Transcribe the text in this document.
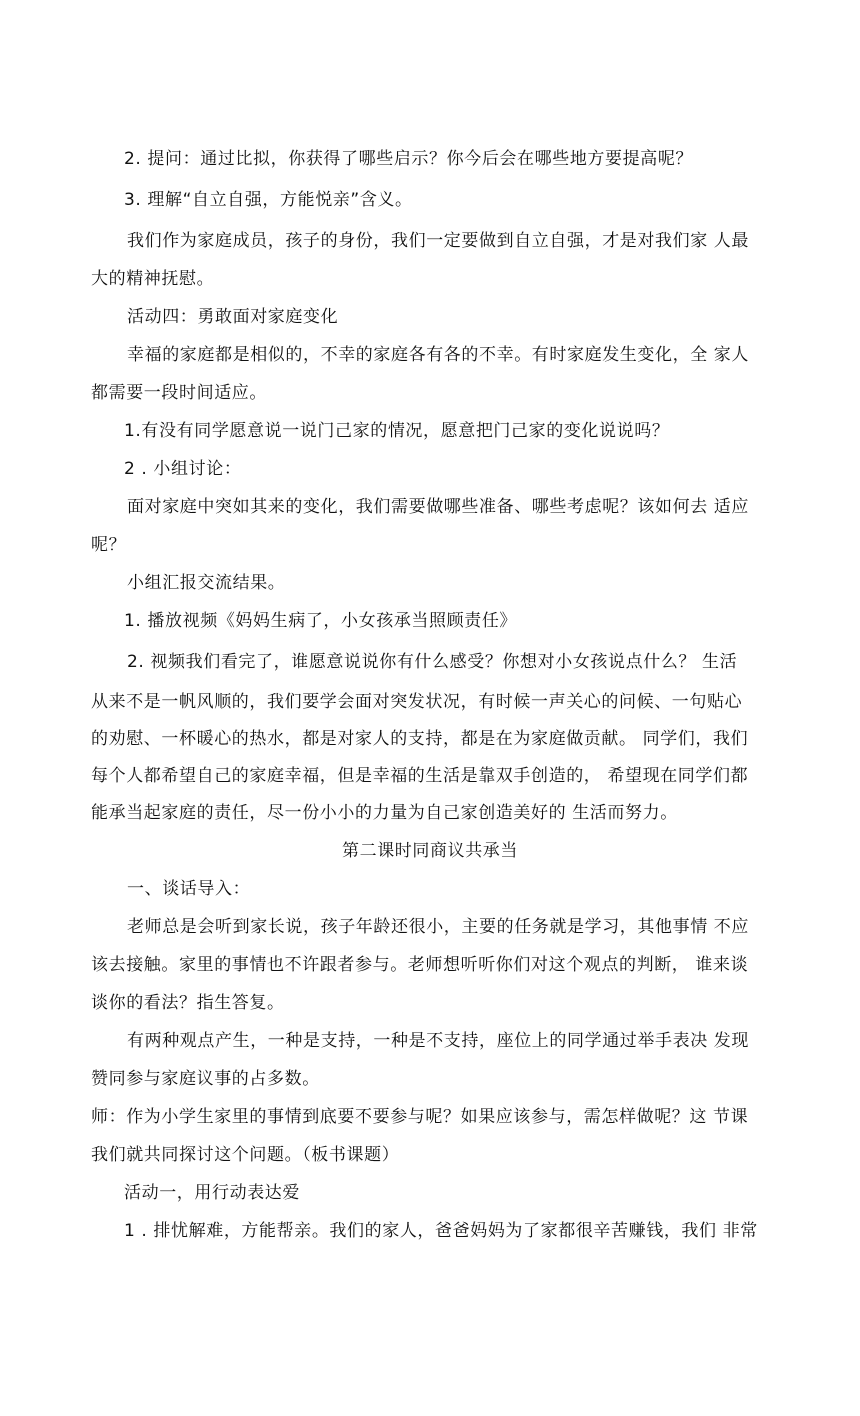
2. 提问：通过比拟，你获得了哪些启示？你今后会在哪些地方要提高呢？
3. 理解“自立自强，方能悦亲”含义。
我们作为家庭成员，孩子的身份，我们一定要做到自立自强，才是对我们家 人最
大的精神抚慰。
活动四：勇敢面对家庭变化
幸福的家庭都是相似的，不幸的家庭各有各的不幸。有时家庭发生变化，全 家人
都需要一段时间适应。
1.有没有同学愿意说一说门己家的情况，愿意把门己家的变化说说吗？
2 . 小组讨论：
面对家庭中突如其来的变化，我们需要做哪些准备、哪些考虑呢？该如何去 适应
呢？
小组汇报交流结果。
1. 播放视频《妈妈生病了，小女孩承当照顾责任》
2. 视频我们看完了，谁愿意说说你有什么感受？你想对小女孩说点什么？ 生活
从来不是一帆风顺的，我们要学会面对突发状况，有时候一声关心的问候、一句贴心
的劝慰、一杯暖心的热水，都是对家人的支持，都是在为家庭做贡献。 同学们，我们
每个人都希望自己的家庭幸福，但是幸福的生活是靠双手创造的， 希望现在同学们都
能承当起家庭的责任，尽一份小小的力量为自己家创造美好的 生活而努力。
第二课时同商议共承当
一、谈话导入：
老师总是会听到家长说，孩子年龄还很小，主要的任务就是学习，其他事情 不应
该去接触。家里的事情也不许跟者参与。老师想听听你们对这个观点的判断， 谁来谈
谈你的看法？指生答复。
有两种观点产生，一种是支持，一种是不支持，座位上的同学通过举手表决 发现
赞同参与家庭议事的占多数。
师：作为小学生家里的事情到底要不要参与呢？如果应该参与，需怎样做呢？这 节课
我们就共同探讨这个问题。（板书课题）
活动一，用行动表达爱
1 . 排忧解难，方能帮亲。我们的家人，爸爸妈妈为了家都很辛苦赚钱，我们 非常
